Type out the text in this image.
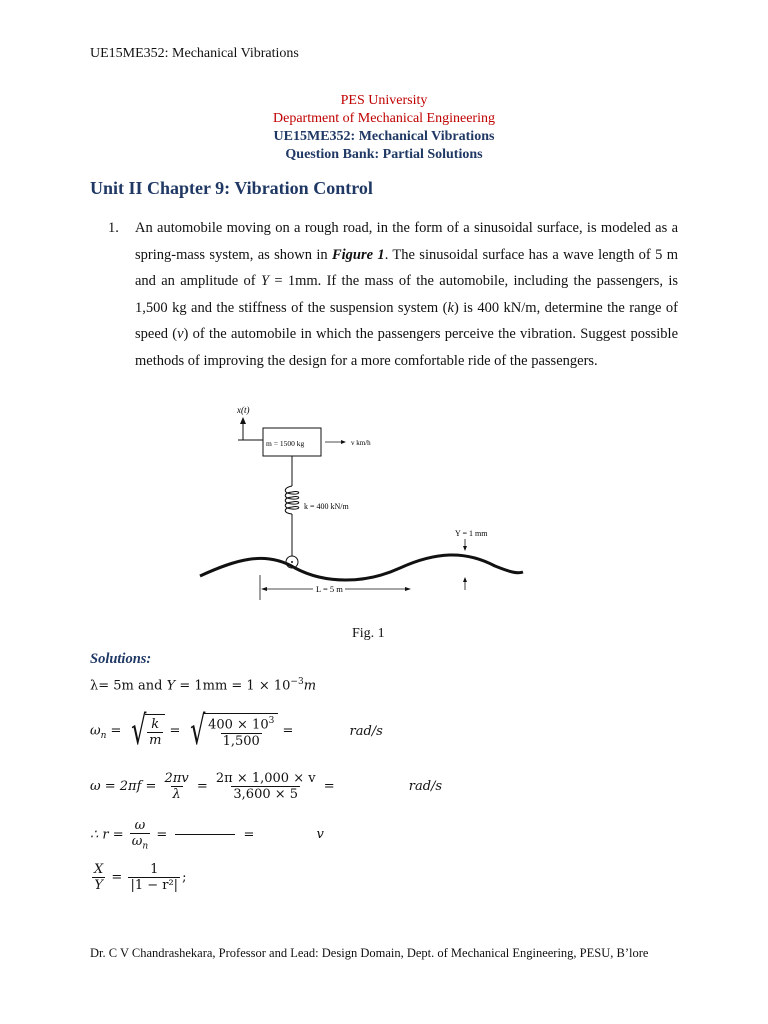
UE15ME352: Mechanical Vibrations
PES University
Department of Mechanical Engineering
UE15ME352: Mechanical Vibrations
Question Bank: Partial Solutions
Unit II Chapter 9: Vibration Control
1. An automobile moving on a rough road, in the form of a sinusoidal surface, is modeled as a spring-mass system, as shown in Figure 1. The sinusoidal surface has a wave length of 5 m and an amplitude of Y = 1mm. If the mass of the automobile, including the passengers, is 1,500 kg and the stiffness of the suspension system (k) is 400 kN/m, determine the range of speed (v) of the automobile in which the passengers perceive the vibration. Suggest possible methods of improving the design for a more comfortable ride of the passengers.
x(t)
m = 1500 kg	v km/h
k = 400 kN/m
Y = 1 mm
L = 5 m
Fig. 1
Solutions:
λ= 5m and $Y = 1mm = 1 \times 10^{-3}m$
$\omega_n$ = √ $\frac{k}{m}$ = √ $\frac{400 \times 10^3}{1,500}$ =	rad/s
$\omega = 2\pi f = \frac{2\pi v}{\lambda} = \frac{2\pi \times 1,000 \times v}{3,600 \times 5}$ =	rad/s
∴ $r = \frac{\omega}{\omega_n}$ =	=	v
$\frac{X}{Y} = \frac{1}{\text{|1 − r²|}}$ ;
Dr. C V Chandrashekara, Professor and Lead: Design Domain, Dept. of Mechanical Engineering, PESU, B’lore
